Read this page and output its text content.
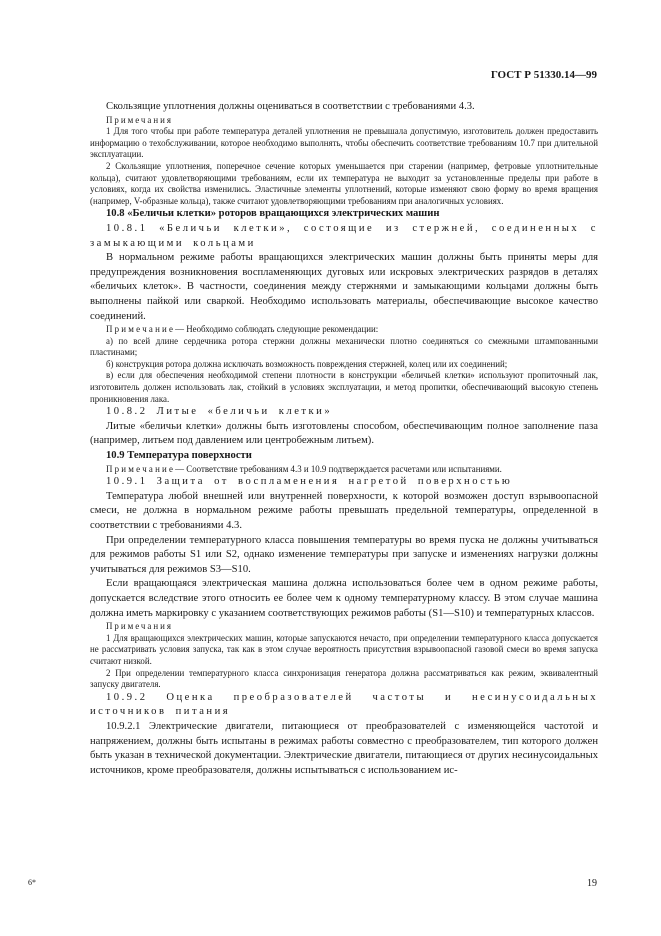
ГОСТ Р 51330.14—99

Скользящие уплотнения должны оцениваться в соответствии с требованиями 4.3.

Примечания

1 Для того чтобы при работе температура деталей уплотнения не превышала допустимую, изготовитель должен предоставить информацию о техобслуживании, которое необходимо выполнять, чтобы обеспечить соответствие требованиям 10.7 при длительной эксплуатации.

2 Скользящие уплотнения, поперечное сечение которых уменьшается при старении (например, фетровые уплотнительные кольца), считают удовлетворяющими требованиям, если их температура не выходит за установленные пределы при работе в условиях, когда их свойства изменились. Эластичные элементы уплотнений, которые изменяют свою форму во время вращения (например, V-образные кольца), также считают удовлетворяющими требованиям при аналогичных условиях.

10.8 «Беличьи клетки» роторов вращающихся электрических машин

10.8.1 «Беличьи клетки», состоящие из стержней, соединенных с замыкающими кольцами

В нормальном режиме работы вращающихся электрических машин должны быть приняты меры для предупреждения возникновения воспламеняющих дуговых или искровых электрических разрядов в деталях «беличьих клеток». В частности, соединения между стержнями и замыкающими кольцами должны быть выполнены пайкой или сваркой. Необходимо использовать материалы, обеспечивающие высокое качество соединений.

П р и м е ч а н и е — Необходимо соблюдать следующие рекомендации:

а) по всей длине сердечника ротора стержни должны механически плотно соединяться со смежными штампованными пластинами;

б) конструкция ротора должна исключать возможность повреждения стержней, колец или их соединений;

в) если для обеспечения необходимой степени плотности в конструкции «беличьей клетки» используют пропиточный лак, изготовитель должен использовать лак, стойкий в условиях эксплуатации, и метод пропитки, обеспечивающий высокую степень проникновения лака.

10.8.2 Литые «беличьи клетки»

Литые «беличьи клетки» должны быть изготовлены способом, обеспечивающим полное заполнение паза (например, литьем под давлением или центробежным литьем).

10.9 Температура поверхности

П р и м е ч а н и е — Соответствие требованиям 4.3 и 10.9 подтверждается расчетами или испытаниями.

10.9.1 Защита от воспламенения нагретой поверхностью

Температура любой внешней или внутренней поверхности, к которой возможен доступ взрывоопасной смеси, не должна в нормальном режиме работы превышать предельной температуры, определенной в соответствии с требованиями 4.3.

При определении температурного класса повышения температуры во время пуска не должны учитываться для режимов работы S1 или S2, однако изменение температуры при запуске и изменениях нагрузки должны учитываться для режимов S3—S10.

Если вращающаяся электрическая машина должна использоваться более чем в одном режиме работы, допускается вследствие этого относить ее более чем к одному температурному классу. В этом случае машина должна иметь маркировку с указанием соответствующих режимов работы (S1—S10) и температурных классов.

Примечания

1 Для вращающихся электрических машин, которые запускаются нечасто, при определении температурного класса допускается не рассматривать условия запуска, так как в этом случае вероятность присутствия взрывоопасной газовой смеси во время запуска считают низкой.

2 При определении температурного класса синхронизация генератора должна рассматриваться как режим, эквивалентный запуску двигателя.

10.9.2 Оценка преобразователей частоты и несинусоидальных источников питания

10.9.2.1 Электрические двигатели, питающиеся от преобразователей с изменяющейся частотой и напряжением, должны быть испытаны в режимах работы совместно с преобразователем, тип которого должен быть указан в технической документации. Электрические двигатели, питающиеся от других несинусоидальных источников, кроме преобразователя, должны испытываться с использованием ис-

6*	19
